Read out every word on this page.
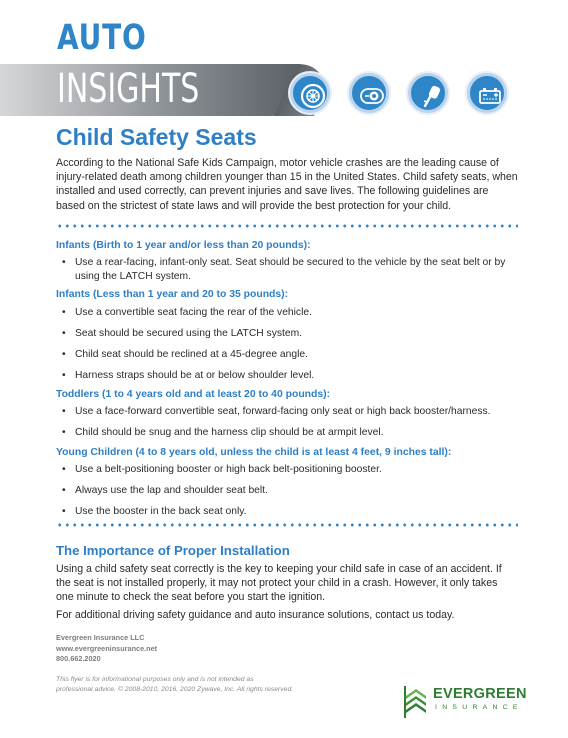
AUTO
INSIGHTS
Child Safety Seats
According to the National Safe Kids Campaign, motor vehicle crashes are the leading cause of injury-related death among children younger than 15 in the United States. Child safety seats, when installed and used correctly, can prevent injuries and save lives. The following guidelines are based on the strictest of state laws and will provide the best protection for your child.
Infants (Birth to 1 year and/or less than 20 pounds):
• Use a rear-facing, infant-only seat. Seat should be secured to the vehicle by the seat belt or by using the LATCH system.
Infants (Less than 1 year and 20 to 35 pounds):
• Use a convertible seat facing the rear of the vehicle.
• Seat should be secured using the LATCH system.
• Child seat should be reclined at a 45-degree angle.
• Harness straps should be at or below shoulder level.
Toddlers (1 to 4 years old and at least 20 to 40 pounds):
• Use a face-forward convertible seat, forward-facing only seat or high back booster/harness.
• Child should be snug and the harness clip should be at armpit level.
Young Children (4 to 8 years old, unless the child is at least 4 feet, 9 inches tall):
• Use a belt-positioning booster or high back belt-positioning booster.
• Always use the lap and shoulder seat belt.
• Use the booster in the back seat only.
The Importance of Proper Installation
Using a child safety seat correctly is the key to keeping your child safe in case of an accident. If the seat is not installed properly, it may not protect your child in a crash. However, it only takes one minute to check the seat before you start the ignition.
For additional driving safety guidance and auto insurance solutions, contact us today.
Evergreen Insurance LLC
www.evergreeninsurance.net
800.662.2020
This flyer is for informational purposes only and is not intended as
professional advice. © 2008-2010, 2016, 2020 Zywave, Inc. All rights reserved.	EVERGREEN
INSURANCE
